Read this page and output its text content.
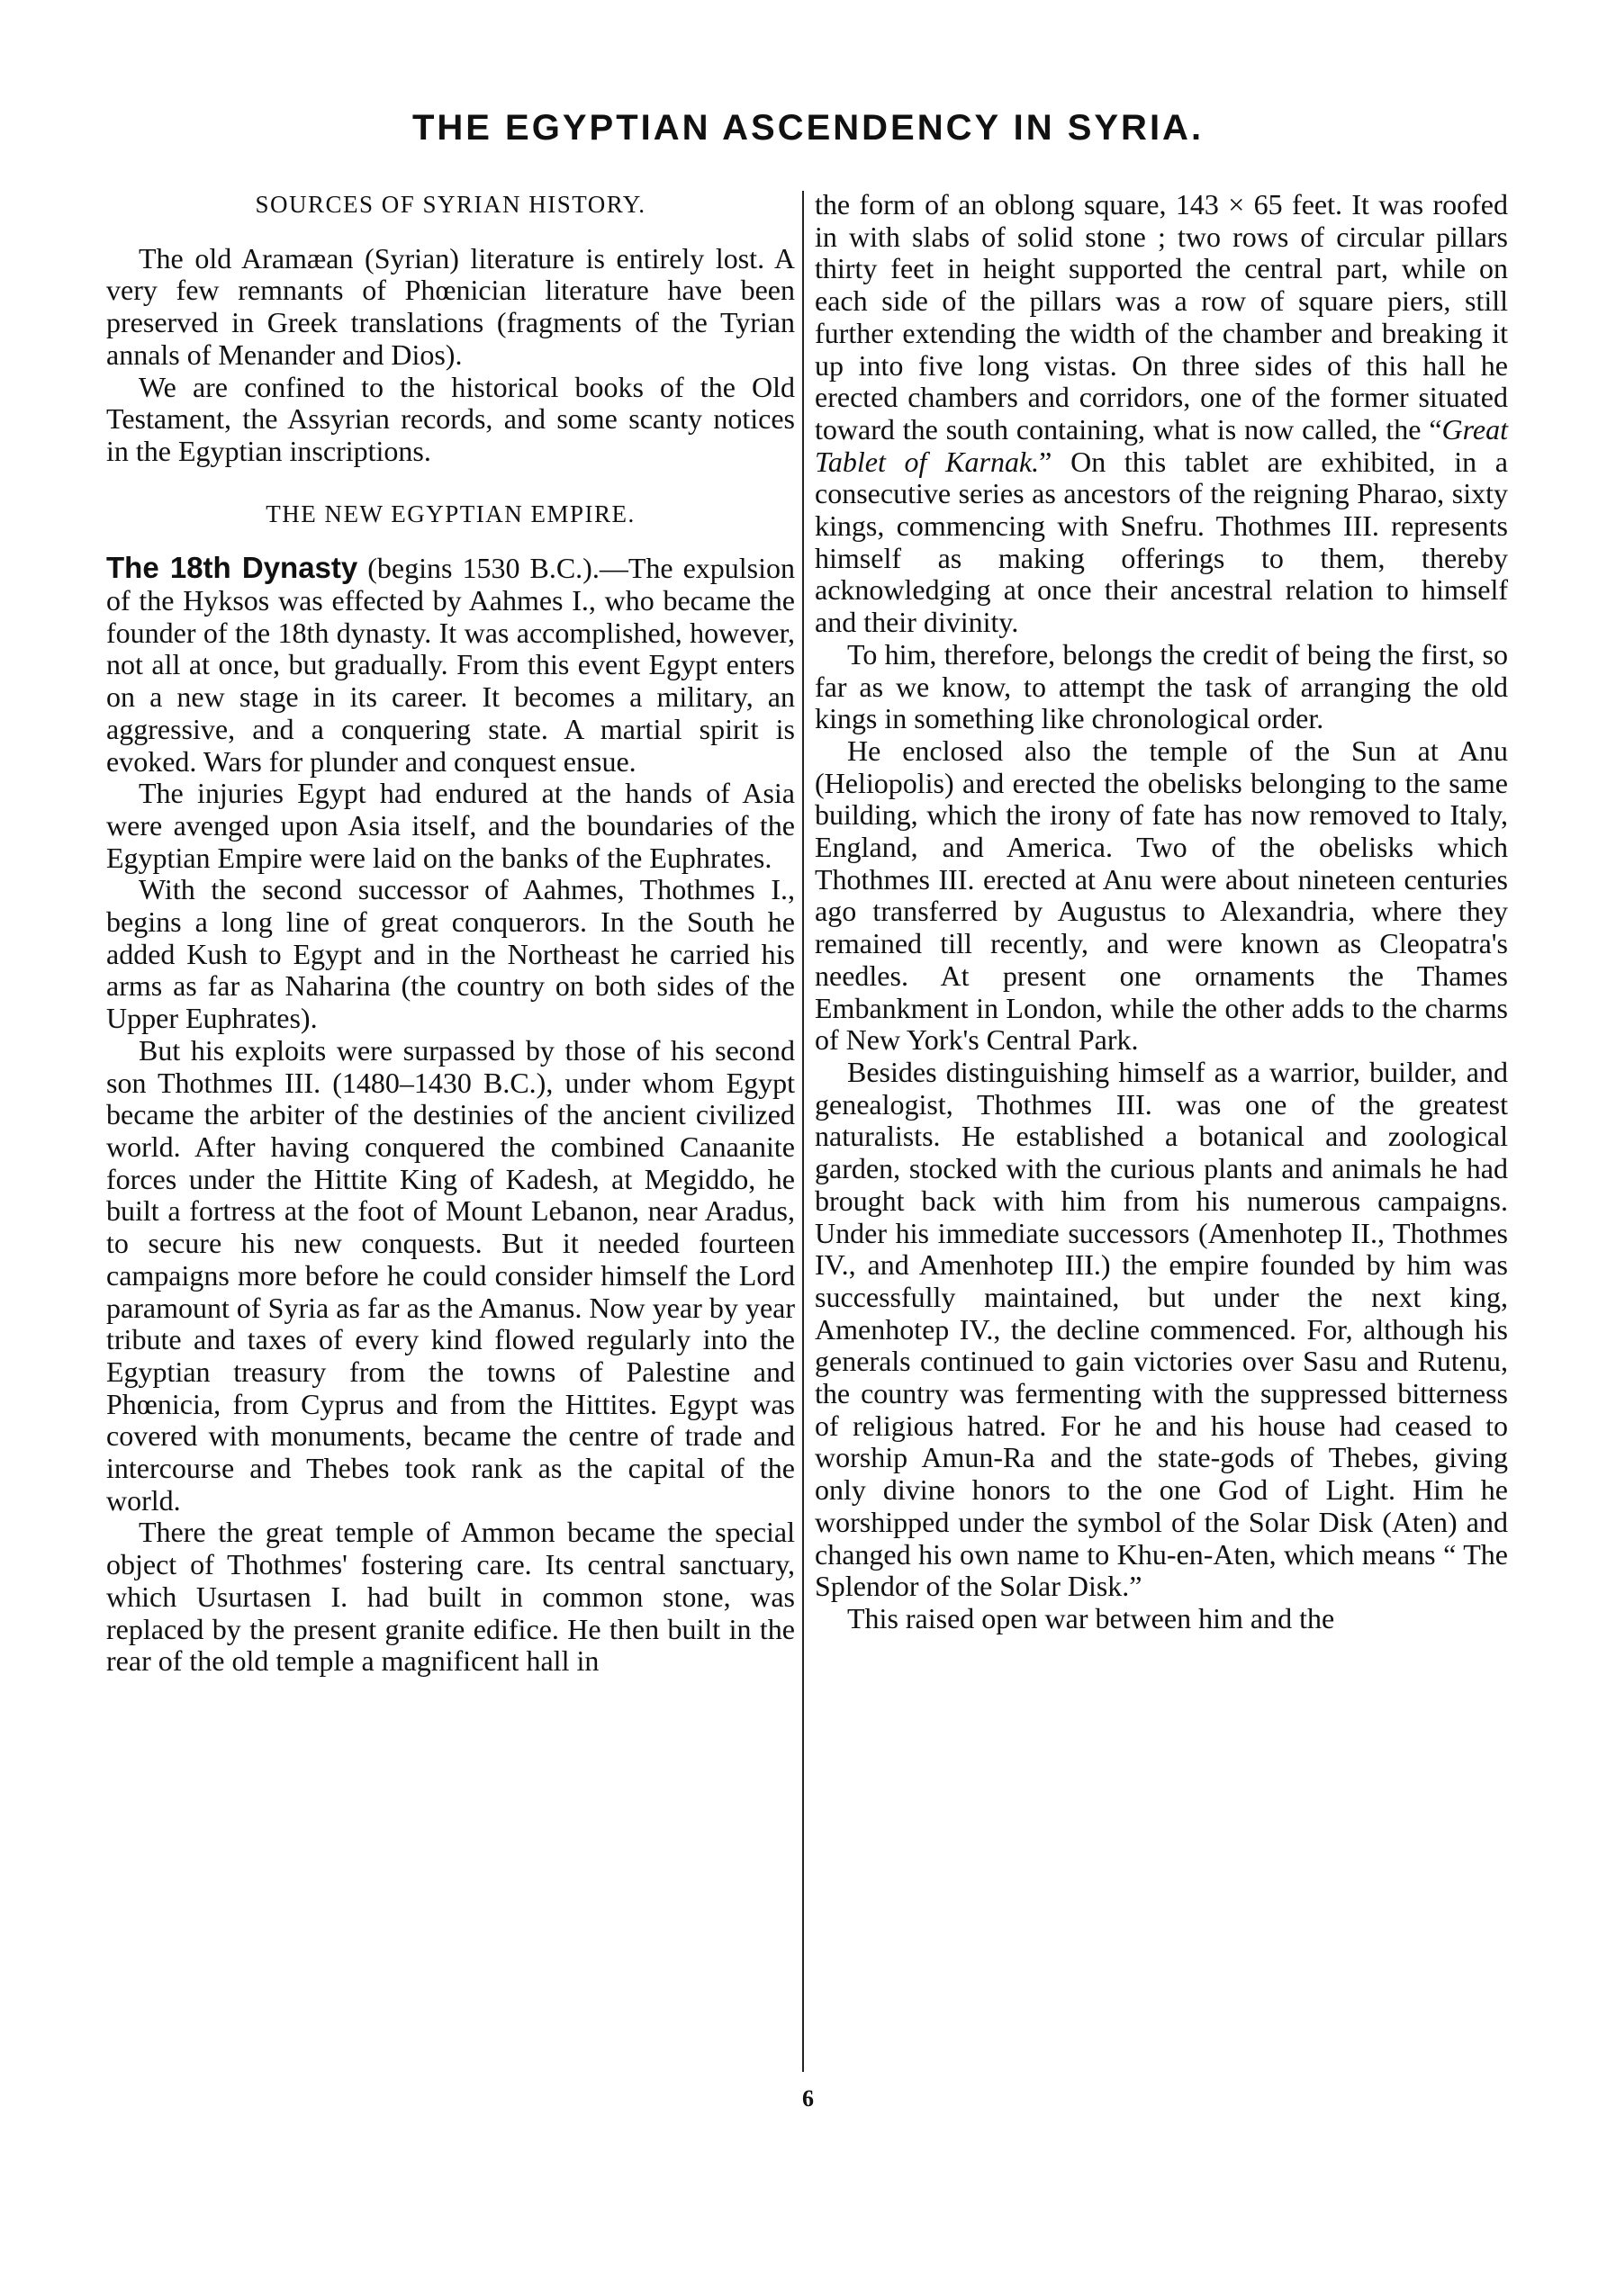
THE EGYPTIAN ASCENDENCY IN SYRIA.
SOURCES OF SYRIAN HISTORY.

The old Aramæan (Syrian) literature is entirely lost. A very few remnants of Phœnician literature have been preserved in Greek translations (fragments of the Tyrian annals of Menander and Dios).

We are confined to the historical books of the Old Testament, the Assyrian records, and some scanty notices in the Egyptian inscriptions.

THE NEW EGYPTIAN EMPIRE.

The 18th Dynasty (begins 1530 B.C.).—The expulsion of the Hyksos was effected by Aahmes I., who became the founder of the 18th dynasty. It was accomplished, however, not all at once, but gradually. From this event Egypt enters on a new stage in its career. It becomes a military, an aggressive, and a conquering state. A martial spirit is evoked. Wars for plunder and conquest ensue.

The injuries Egypt had endured at the hands of Asia were avenged upon Asia itself, and the boundaries of the Egyptian Empire were laid on the banks of the Euphrates.

With the second successor of Aahmes, Thothmes I., begins a long line of great conquerors. In the South he added Kush to Egypt and in the Northeast he carried his arms as far as Naharina (the country on both sides of the Upper Euphrates).

But his exploits were surpassed by those of his second son Thothmes III. (1480–1430 B.C.), under whom Egypt became the arbiter of the destinies of the ancient civilized world. After having conquered the combined Canaanite forces under the Hittite King of Kadesh, at Megiddo, he built a fortress at the foot of Mount Lebanon, near Aradus, to secure his new conquests. But it needed fourteen campaigns more before he could consider himself the Lord paramount of Syria as far as the Amanus. Now year by year tribute and taxes of every kind flowed regularly into the Egyptian treasury from the towns of Palestine and Phœnicia, from Cyprus and from the Hittites. Egypt was covered with monuments, became the centre of trade and intercourse and Thebes took rank as the capital of the world.

There the great temple of Ammon became the special object of Thothmes' fostering care. Its central sanctuary, which Usurtasen I. had built in common stone, was replaced by the present granite edifice. He then built in the rear of the old temple a magnificent hall in

the form of an oblong square, 143 × 65 feet. It was roofed in with slabs of solid stone ; two rows of circular pillars thirty feet in height supported the central part, while on each side of the pillars was a row of square piers, still further extending the width of the chamber and breaking it up into five long vistas. On three sides of this hall he erected chambers and corridors, one of the former situated toward the south containing, what is now called, the “Great Tablet of Karnak.” On this tablet are exhibited, in a consecutive series as ancestors of the reigning Pharao, sixty kings, commencing with Snefru. Thothmes III. represents himself as making offerings to them, thereby acknowledging at once their ancestral relation to himself and their divinity.

To him, therefore, belongs the credit of being the first, so far as we know, to attempt the task of arranging the old kings in something like chronological order.

He enclosed also the temple of the Sun at Anu (Heliopolis) and erected the obelisks belonging to the same building, which the irony of fate has now removed to Italy, England, and America. Two of the obelisks which Thothmes III. erected at Anu were about nineteen centuries ago transferred by Augustus to Alexandria, where they remained till recently, and were known as Cleopatra's needles. At present one ornaments the Thames Embankment in London, while the other adds to the charms of New York's Central Park.

Besides distinguishing himself as a warrior, builder, and genealogist, Thothmes III. was one of the greatest naturalists. He established a botanical and zoological garden, stocked with the curious plants and animals he had brought back with him from his numerous campaigns. Under his immediate successors (Amenhotep II., Thothmes IV., and Amenhotep III.) the empire founded by him was successfully maintained, but under the next king, Amenhotep IV., the decline commenced. For, although his generals continued to gain victories over Sasu and Rutenu, the country was fermenting with the suppressed bitterness of religious hatred. For he and his house had ceased to worship Amun-Ra and the state-gods of Thebes, giving only divine honors to the one God of Light. Him he worshipped under the symbol of the Solar Disk (Aten) and changed his own name to Khu-en-Aten, which means “ The Splendor of the Solar Disk.”

This raised open war between him and the

6
